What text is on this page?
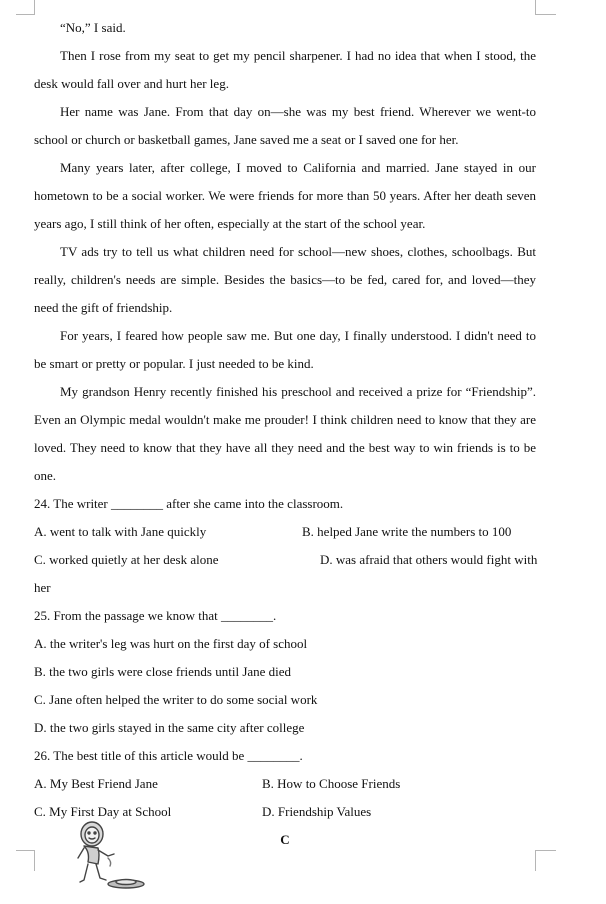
“No,” I said.

Then I rose from my seat to get my pencil sharpener. I had no idea that when I stood, the desk would fall over and hurt her leg.

Her name was Jane. From that day on—she was my best friend. Wherever we went-to school or church or basketball games, Jane saved me a seat or I saved one for her.

Many years later, after college, I moved to California and married. Jane stayed in our hometown to be a social worker. We were friends for more than 50 years. After her death seven years ago, I still think of her often, especially at the start of the school year.

TV ads try to tell us what children need for school—new shoes, clothes, schoolbags. But really, children's needs are simple. Besides the basics—to be fed, cared for, and loved—they need the gift of friendship.

For years, I feared how people saw me. But one day, I finally understood. I didn't need to be smart or pretty or popular. I just needed to be kind.

My grandson Henry recently finished his preschool and received a prize for “Friendship”. Even an Olympic medal wouldn't make me prouder! I think children need to know that they are loved. They need to know that they have all they need and the best way to win friends is to be one.

24. The writer ________ after she came into the classroom.
A. went to talk with Jane quickly	B. helped Jane write the numbers to 100
C. worked quietly at her desk alone	D. was afraid that others would fight with
her
25. From the passage we know that ________.
A. the writer's leg was hurt on the first day of school
B. the two girls were close friends until Jane died
C. Jane often helped the writer to do some social work
D. the two girls stayed in the same city after college
26. The best title of this article would be ________.
A. My Best Friend Jane	B. How to Choose Friends
C. My First Day at School	D. Friendship Values
C
